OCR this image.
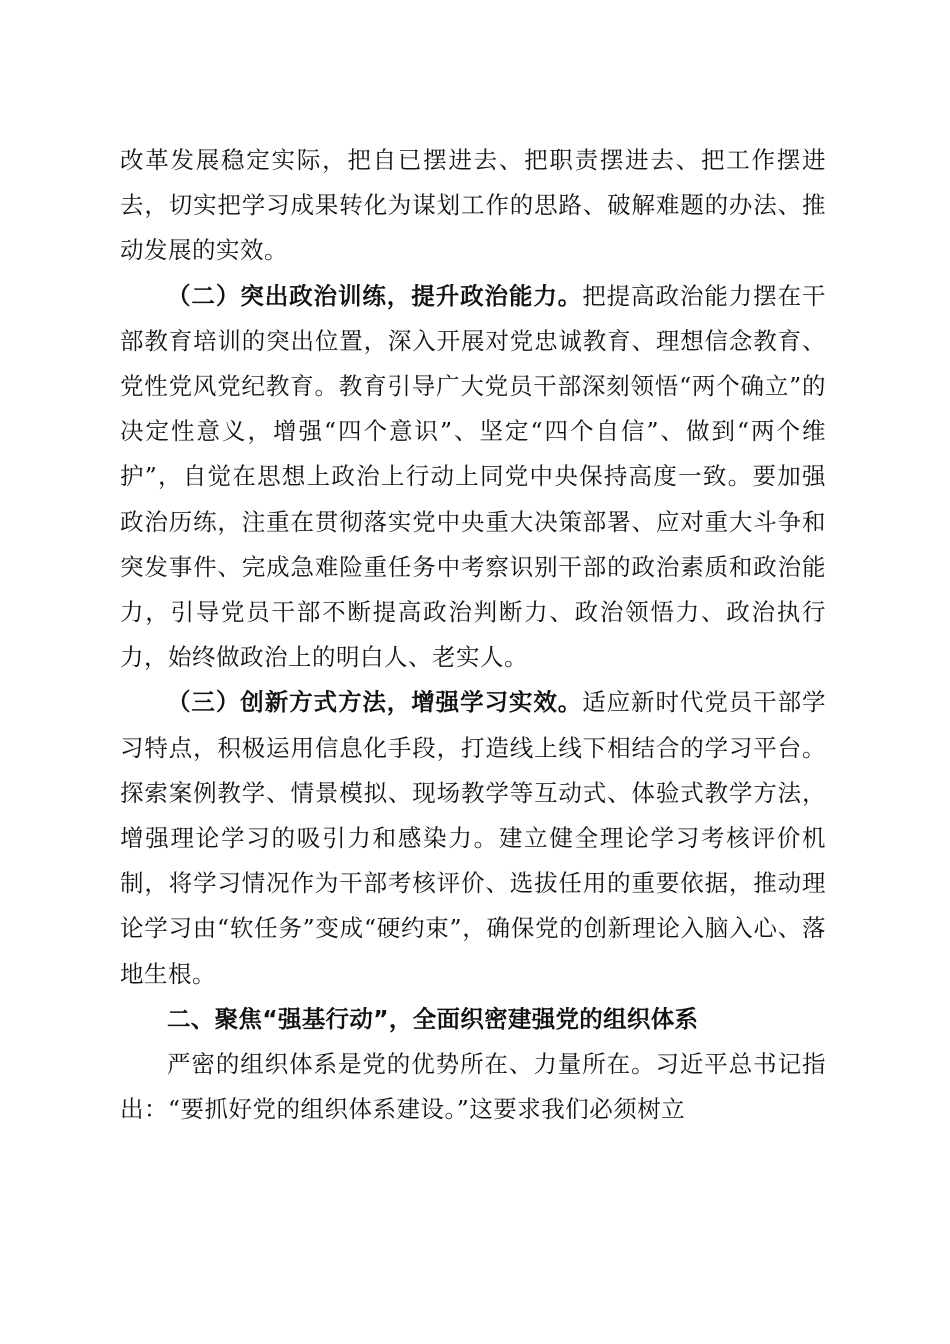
改革发展稳定实际，把自已摆进去、把职责摆进去、把工作摆进去，切实把学习成果转化为谋划工作的思路、破解难题的办法、推动发展的实效。

（二）突出政治训练，提升政治能力。把提高政治能力摆在干部教育培训的突出位置，深入开展对党忠诚教育、理想信念教育、党性党风党纪教育。教育引导广大党员干部深刻领悟“两个确立”的决定性意义，增强“四个意识”、坚定“四个自信”、做到“两个维护”，自觉在思想上政治上行动上同党中央保持高度一致。要加强政治历练，注重在贯彻落实党中央重大决策部署、应对重大斗争和突发事件、完成急难险重任务中考察识别干部的政治素质和政治能力，引导党员干部不断提高政治判断力、政治领悟力、政治执行力，始终做政治上的明白人、老实人。

（三）创新方式方法，增强学习实效。适应新时代党员干部学习特点，积极运用信息化手段，打造线上线下相结合的学习平台。探索案例教学、情景模拟、现场教学等互动式、体验式教学方法，增强理论学习的吸引力和感染力。建立健全理论学习考核评价机制，将学习情况作为干部考核评价、选拔任用的重要依据，推动理论学习由“软任务”变成“硬约束”，确保党的创新理论入脑入心、落地生根。

二、聚焦“强基行动”，全面织密建强党的组织体系

严密的组织体系是党的优势所在、力量所在。习近平总书记指出：“要抓好党的组织体系建设。”这要求我们必须树立
